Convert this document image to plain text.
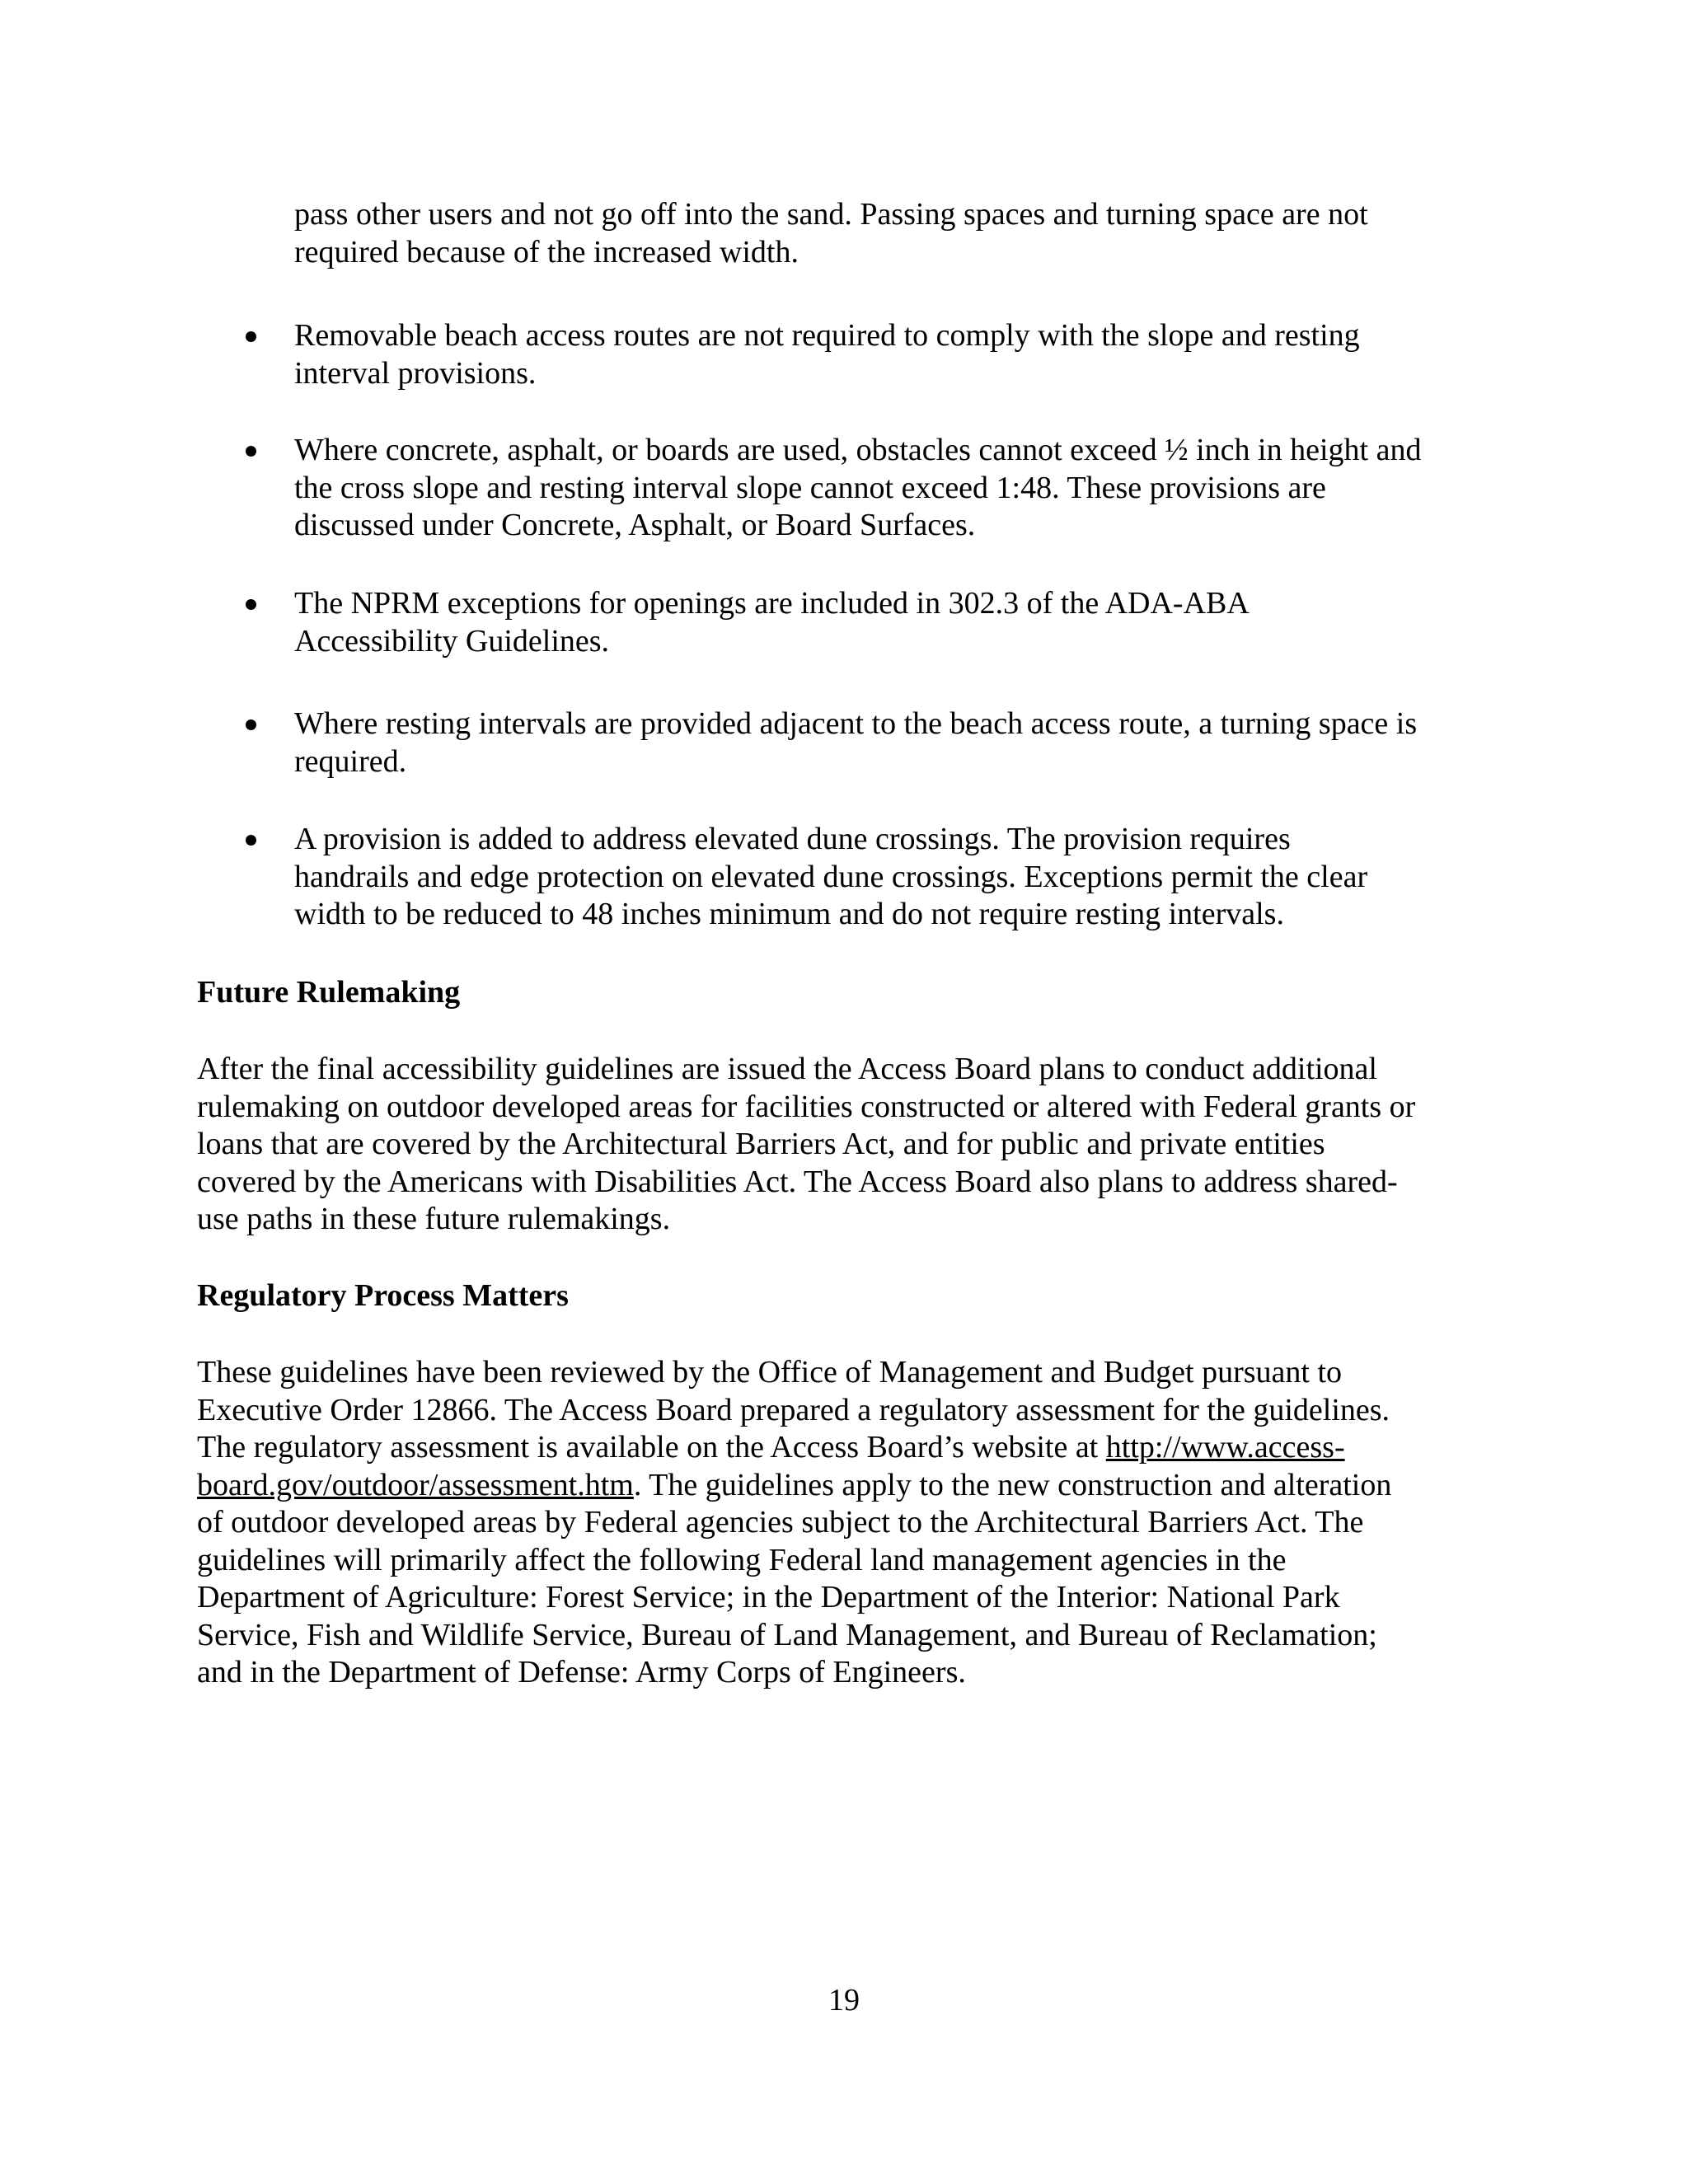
pass other users and not go off into the sand. Passing spaces and turning space are not
required because of the increased width.
Removable beach access routes are not required to comply with the slope and resting
interval provisions.
Where concrete, asphalt, or boards are used, obstacles cannot exceed ½ inch in height and
the cross slope and resting interval slope cannot exceed 1:48. These provisions are
discussed under Concrete, Asphalt, or Board Surfaces.
The NPRM exceptions for openings are included in 302.3 of the ADA-ABA
Accessibility Guidelines.
Where resting intervals are provided adjacent to the beach access route, a turning space is
required.
A provision is added to address elevated dune crossings. The provision requires
handrails and edge protection on elevated dune crossings. Exceptions permit the clear
width to be reduced to 48 inches minimum and do not require resting intervals.
Future Rulemaking
After the final accessibility guidelines are issued the Access Board plans to conduct additional
rulemaking on outdoor developed areas for facilities constructed or altered with Federal grants or
loans that are covered by the Architectural Barriers Act, and for public and private entities
covered by the Americans with Disabilities Act. The Access Board also plans to address shared-
use paths in these future rulemakings.
Regulatory Process Matters
These guidelines have been reviewed by the Office of Management and Budget pursuant to
Executive Order 12866. The Access Board prepared a regulatory assessment for the guidelines.
The regulatory assessment is available on the Access Board’s website at http://www.access-
board.gov/outdoor/assessment.htm. The guidelines apply to the new construction and alteration
of outdoor developed areas by Federal agencies subject to the Architectural Barriers Act. The
guidelines will primarily affect the following Federal land management agencies in the
Department of Agriculture: Forest Service; in the Department of the Interior: National Park
Service, Fish and Wildlife Service, Bureau of Land Management, and Bureau of Reclamation;
and in the Department of Defense: Army Corps of Engineers.
19
